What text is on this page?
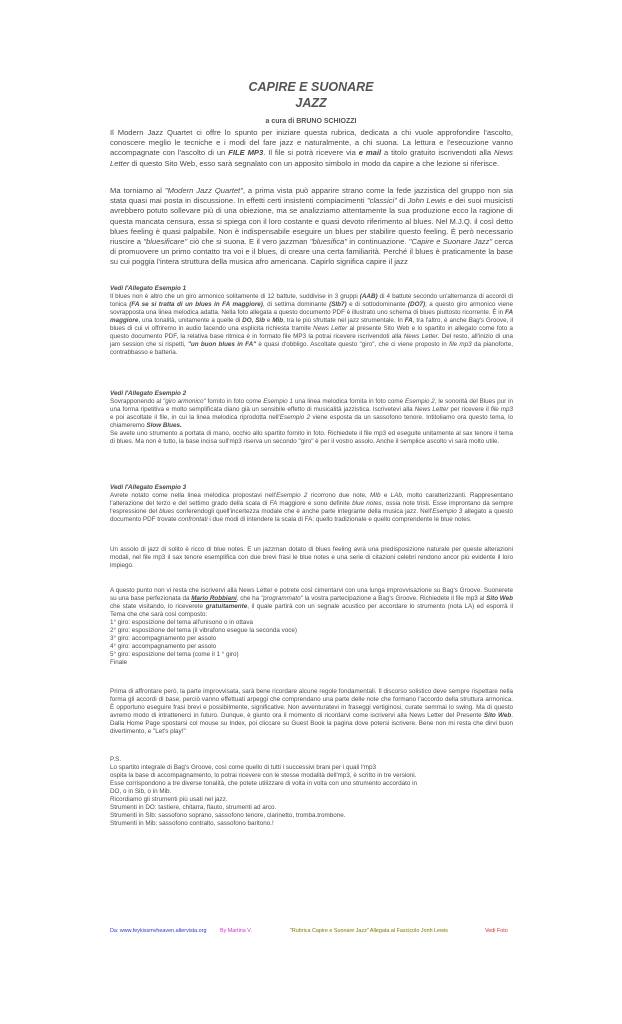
CAPIRE E SUONARE
JAZZ
a cura di BRUNO SCHIOZZI

Il Modern Jazz Quartet ci offre lo spunto per iniziare questa rubrica, dedicata a chi vuole approfondire l'ascolto, conoscere meglio le tecniche e i modi del fare jazz e naturalmente, a chi suona. La lettura e l'esecuzione vanno accompagnate con l'ascolto di un FILE MP3. Il file si potrà ricevere via e mail a titolo gratuito iscrivendoti alla News Letter di questo Sito Web, esso sarà segnalato con un apposito simbolo in modo da capire a che lezione si riferisce.

Ma torniamo al "Modern Jazz Quartet", a prima vista può apparire strano come la fede jazzistica del gruppo non sia stata quasi mai posta in discussione. In effetti certi insistenti compiacimenti "classici" di John Lewis e dei suoi musicisti avrebbero potuto sollevare più di una obiezione, ma se analizziamo attentamente la sua produzione ecco la ragione di questa mancata censura, essa si spiega con il loro costante e quasi devoto riferimento al blues. Nel M.J.Q. il così detto blues feeling è quasi palpabile. Non è indispensabile eseguire un blues per stabilire questo feeling. È però necessario riuscire a "bluesificare" ciò che si suona. E il vero jazzman "bluesifica" in continuazione. "Capire e Suonare Jazz" cerca di promuovere un primo contatto tra voi e il blues, di creare una certa familiarità. Perché il blues è praticamente la base su cui poggia l'intera struttura della musica afro americana. Capirlo significa capire il jazz

Vedi l'Allegato Esempio 1
Il blues non è altro che un giro armonico solitamente di 12 battute, suddivise in 3 gruppi (AAB) di 4 battute secondo un'alternanza di accordi di tonica (FA se si tratta di un blues in FA maggiore), di settima dominante (SIb7) e di sottodominante (DO7); a questo giro armonico viene sovrapposta una linea melodica adatta. Nella foto allegata a questo documento PDF è illustrato uno schema di blues piuttosto ricorrente. È in FA maggiore, una tonalità, unitamente a quelle di DO, Sib e Mib, tra le più sfruttate nel jazz strumentale. In FA, tra l'altro, è anche Bag's Groove, il blues di cui vi offriremo in audio facendo una esplicita richiesta tramite News Letter al presente Sito Web e lo spartito in allegato come foto a questo documento PDF, la relativa base ritmica è in formato file MP3 la potrai ricevere iscrivendoti alla News Letter. Del resto, all'inizio di una jam session che si rispetti, "un buon blues in FA" è quasi d'obbligo. Ascoltate questo "giro", che ci viene proposto in file mp3 da pianoforte, contrabbasso e batteria.
Vedi l'Allegato Esempio 2
Sovrapponendo al "giro armonico" fornito in foto come Esempio 1 una linea melodica fornita in foto come Esempio 2, le sonorità del Blues pur in una forma ripetitiva e molto semplificata diano già un sensibile effetto di musicalità jazzistica. Iscrivetevi alla News Letter per ricevere il file mp3 e poi ascoltate il file, in cui la linea melodica riprodotta nell'Esempio 2 viene esposta da un sassofono tenore. Intitoliamo ora questo tema, lo chiameremo Slow Blues.
Se avete uno strumento a portata di mano, occhio allo spartito fornito in foto. Richiedete il file mp3 ed eseguite unitamente al sax tenore il tema di blues. Ma non è tutto, la base incisa sull'mp3 riserva un secondo "giro" è per il vostro assolo. Anche il semplice ascolto vi sarà molto utile.
Vedi l'Allegato Esempio 3
Avrete notato come nella linea melodica propostavi nell'Esempio 2 ricorrono due note, MIb e LAb, molto caratterizzanti. Rappresentano l'alterazione del terzo e del settimo grado della scala di FA maggiore e sono definite blue notes, ossia note tristi. Esse improntano da sempre l'espressione del blues conferendogli quell'incertezza modale che è anche parte integrante della musica jazz. Nell'Esempio 3 allegato a questo documento PDF trovate confrontati i due modi di intendere la scala di FA: quello tradizionale e quello comprendente le blue notes.

Un assolo di jazz di solito è ricco di blue notes. E un jazzman dotato di blues feeling avrà una predisposizione naturale per queste alterazioni modali, nel file mp3 il sax tenore esemplifica con due brevi frasi le blue notes e una serie di citazioni celebri rendono ancor più evidente il loro impiego.

A questo punto non vi resta che iscrivervi alla News Letter e potrete così cimentarvi con una lunga improvvisazione su Bag's Groove. Suonerete su una base perfezionata da Mario Robbiani, che ha "programmato" la vostra partecipazione a Bag's Groove. Richiedete il file mp3 al Sito Web che state visitando, lo riceverete gratuitamente, il quale partirà con un segnale acustico per accordare lo strumento (nota LA) ed esporrà il Tema che che sarà così composto:
1° giro: esposizione del tema all'unisono o in ottava
2° giro: esposizione del tema (il vibrafono esegue la seconda voce)
3° giro: accompagnamento per assolo
4° giro: accompagnamento per assolo
5° giro: esposizione del tema (come il 1 ° giro)
Finale

Prima di affrontare però, la parte improvvisata, sarà bene ricordare alcune regole fondamentali. Il discorso solistico deve sempre rispettare nella forma gli accordi di base, perciò vanno effettuati arpeggi che comprendano una parte delle note che formano l'accordo della struttura armonica. È opportuno eseguire frasi brevi e possibilmente, significative. Non avventuratevi in fraseggi vertiginosi, curate semmai lo swing. Ma di questo avremo modo di intrattenerci in futuro. Dunque, è giunto ora il momento di ricordarvi come iscrivervi alla News Letter del Presente Sito Web. Dalla Home Page spostarsi col mouse su Index, poi cliccare su Guest Book la pagina dove potersi iscrivere. Bene non mi resta che dirvi buon divertimento, e "Let's play!"

P.S.
Lo spartito integrale di Bag's Groove, così come quello di tutti i successivi brani per i quali l'mp3
ospita la base di accompagnamento, lo potrai ricevere con le stesse modalità dell'mp3, è scritto in tre versioni.
Esse corrispondono a tre diverse tonalità, che potete utilizzare di volta in volta con uno strumento accordato in
DO, o in Sib, o in Mib.
Ricordiamo gli strumenti più usati nel jazz.
Strumenti in DO: tastiere, chitarra, flauto, strumenti ad arco.
Strumenti in SIb: sassofono soprano, sassofono tenore, clarinetto, tromba.trombone.
Strumenti in Mib: sassofono contralto, sassofono baritono.!
Da: www.feykissmvheaven.altervista.org	By Martina V.	"Rubrica Capire e Suonare Jazz" Allegata al Fascicolo Jonh Lewis	Vedi Foto
